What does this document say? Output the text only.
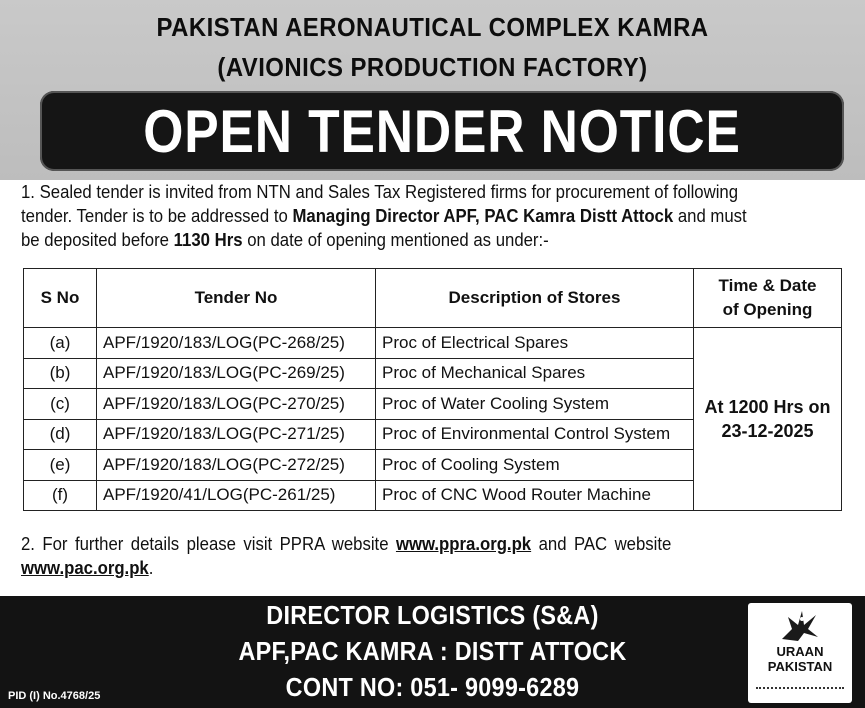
PAKISTAN AERONAUTICAL COMPLEX KAMRA
(AVIONICS PRODUCTION FACTORY)
OPEN TENDER NOTICE
1. Sealed tender is invited from NTN and Sales Tax Registered firms for procurement of following
tender. Tender is to be addressed to Managing Director APF, PAC Kamra Distt Attock and must
be deposited before 1130 Hrs on date of opening mentioned as under:-
S No	Tender No	Description of Stores	Time & Date
of Opening
(a)	APF/1920/183/LOG(PC-268/25)	Proc of Electrical Spares	At 1200 Hrs on
23-12-2025
(b)	APF/1920/183/LOG(PC-269/25)	Proc of Mechanical Spares	
(c)	APF/1920/183/LOG(PC-270/25)	Proc of Water Cooling System	
(d)	APF/1920/183/LOG(PC-271/25)	Proc of Environmental Control System	
(e)	APF/1920/183/LOG(PC-272/25)	Proc of Cooling System	
(f)	APF/1920/41/LOG(PC-261/25)	Proc of CNC Wood Router Machine	
2. For further details please visit PPRA website www.ppra.org.pk and PAC website
www.pac.org.pk.
DIRECTOR LOGISTICS (S&A)
APF,PAC KAMRA : DISTT ATTOCK
CONT NO: 051- 9099-6289
PID (I) No.4768/25
URAAN
PAKISTAN
